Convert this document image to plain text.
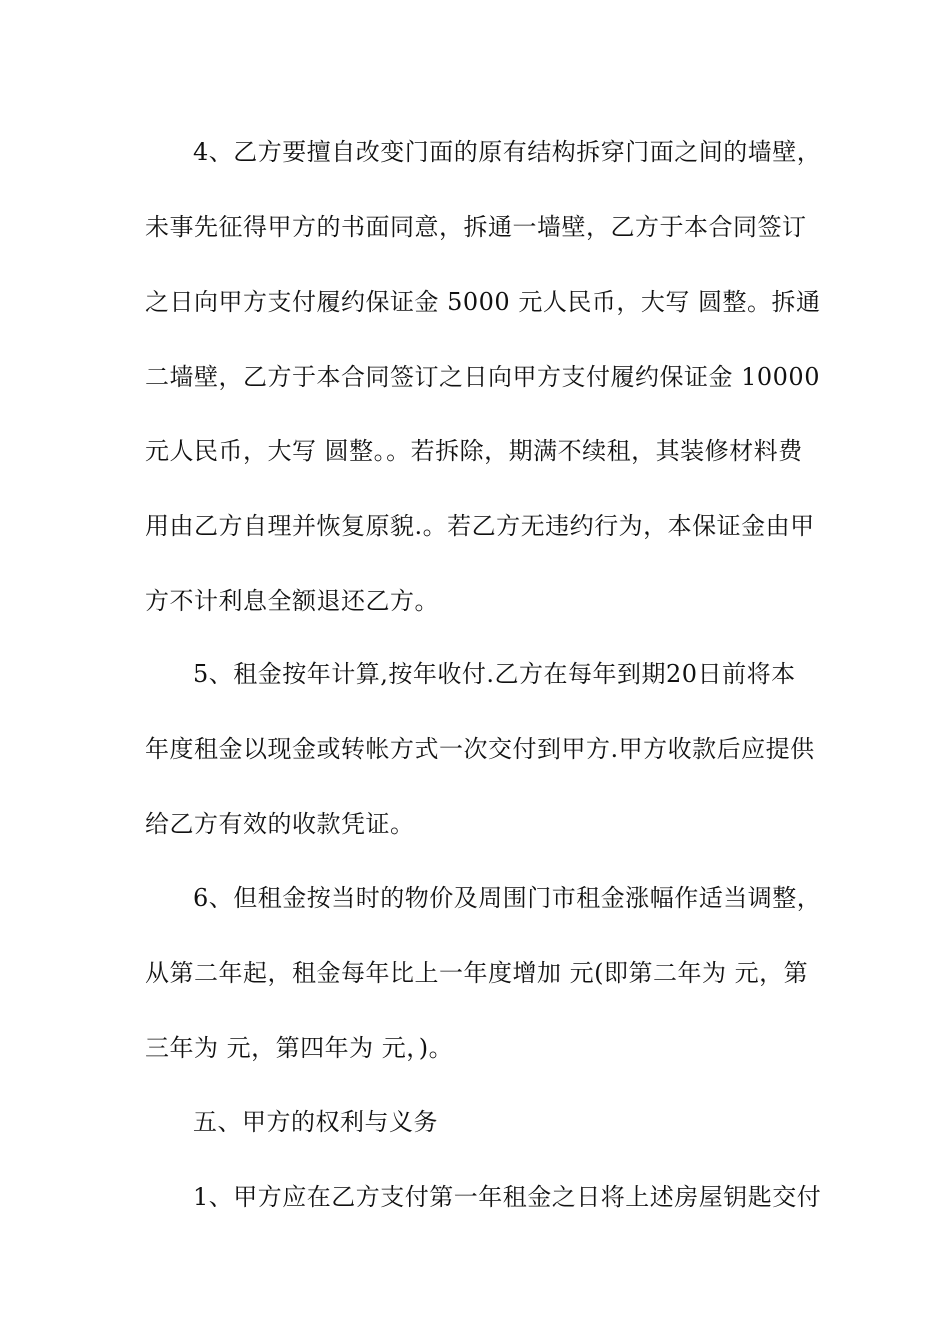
4、乙方要擅自改变门面的原有结构拆穿门面之间的墙壁，
未事先征得甲方的书面同意，拆通一墙壁，乙方于本合同签订
之日向甲方支付履约保证金 5000 元人民币，大写 圆整。拆通
二墙壁，乙方于本合同签订之日向甲方支付履约保证金 10000
元人民币，大写 圆整。。若拆除，期满不续租，其装修材料费
用由乙方自理并恢复原貌.。若乙方无违约行为，本保证金由甲
方不计利息全额退还乙方。
5、租金按年计算,按年收付.乙方在每年到期20日前将本
年度租金以现金或转帐方式一次交付到甲方.甲方收款后应提供
给乙方有效的收款凭证。
6、但租金按当时的物价及周围门市租金涨幅作适当调整，
从第二年起，租金每年比上一年度增加 元(即第二年为 元，第
三年为 元，第四年为 元，)。
五、甲方的权利与义务
1、甲方应在乙方支付第一年租金之日将上述房屋钥匙交付
